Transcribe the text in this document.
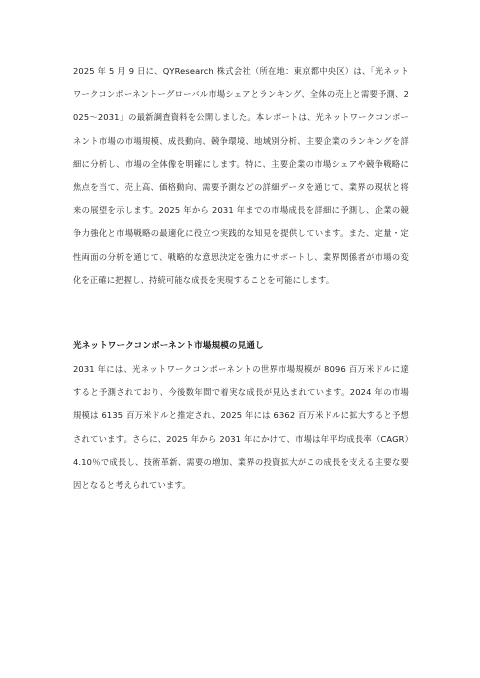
2025 年 5 月 9 日に、QYResearch 株式会社（所在地：東京都中央区）は、「光ネットワークコンポーネントーグローバル市場シェアとランキング、全体の売上と需要予測、2025～2031」の最新調査資料を公開しました。本レポートは、光ネットワークコンポーネント市場の市場規模、成長動向、競争環境、地域別分析、主要企業のランキングを詳細に分析し、市場の全体像を明確にします。特に、主要企業の市場シェアや競争戦略に焦点を当て、売上高、価格動向、需要予測などの詳細データを通じて、業界の現状と将来の展望を示します。2025 年から 2031 年までの市場成長を詳細に予測し、企業の競争力強化と市場戦略の最適化に役立つ実践的な知見を提供しています。また、定量・定性両面の分析を通じて、戦略的な意思決定を強力にサポートし、業界関係者が市場の変化を正確に把握し、持続可能な成長を実現することを可能にします。

光ネットワークコンポーネント市場規模の見通し

2031 年には、光ネットワークコンポーネントの世界市場規模が 8096 百万米ドルに達すると予測されており、今後数年間で着実な成長が見込まれています。2024 年の市場規模は 6135 百万米ドルと推定され、2025 年には 6362 百万米ドルに拡大すると予想されています。さらに、2025 年から 2031 年にかけて、市場は年平均成長率（CAGR）4.10％で成長し、技術革新、需要の増加、業界の投資拡大がこの成長を支える主要な要因となると考えられています。
